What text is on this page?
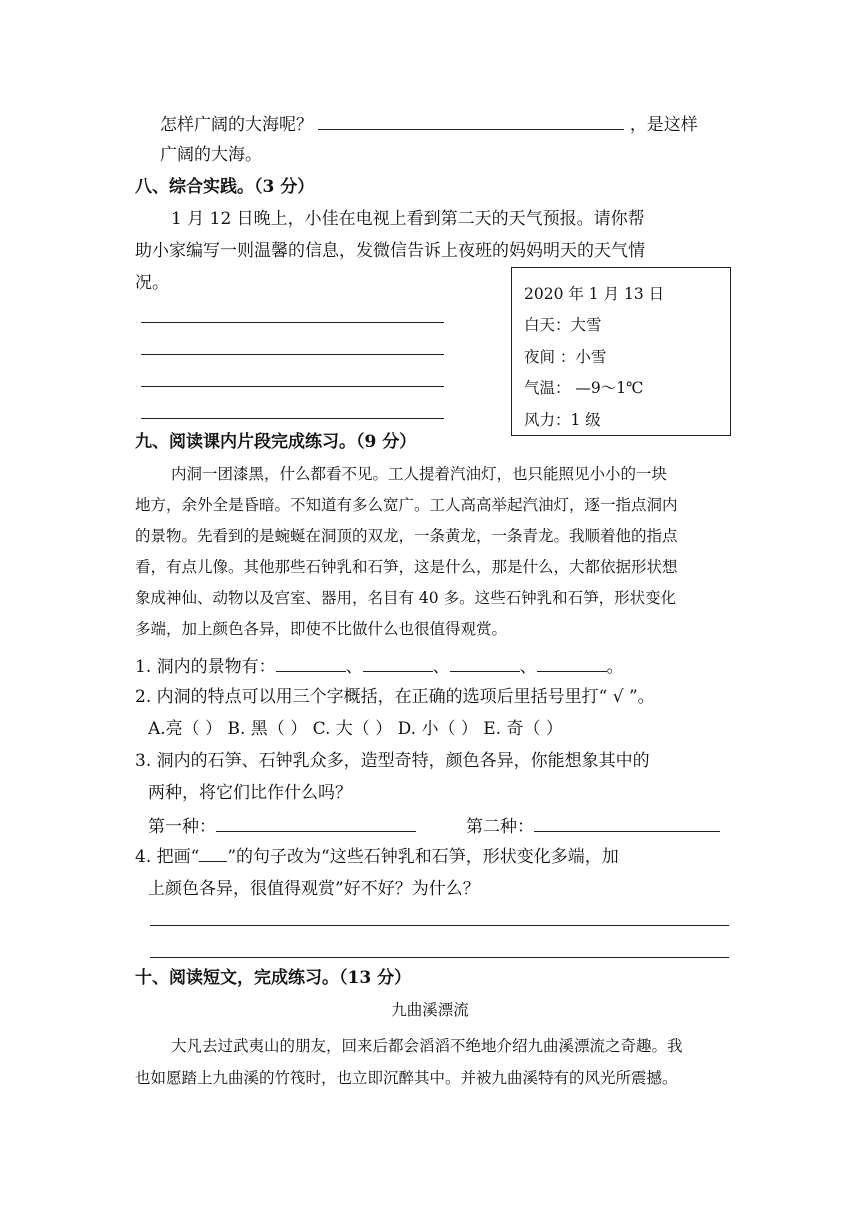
怎样广阔的大海呢？	，是这样
广阔的大海。
八、综合实践。（3 分）
1 月 12 日晚上，小佳在电视上看到第二天的天气预报。请你帮
助小家编写一则温馨的信息，发微信告诉上夜班的妈妈明天的天气情
况。
2020 年 1 月 13 日
白天：大雪
夜间 ：小雪
气温： —9～1℃
风力：1 级
九、阅读课内片段完成练习。（9 分）
内洞一团漆黑，什么都看不见。工人提着汽油灯，也只能照见小小的一块
地方，余外全是昏暗。不知道有多么宽广。工人高高举起汽油灯，逐一指点洞内
的景物。先看到的是蜿蜒在洞顶的双龙，一条黄龙，一条青龙。我顺着他的指点
看，有点儿像。其他那些石钟乳和石笋，这是什么，那是什么，大都依据形状想
象成神仙、动物以及宫室、器用，名目有 40 多。这些石钟乳和石笋，形状变化
多端，加上颜色各异，即使不比做什么也很值得观赏。
1. 洞内的景物有：	、	、	、	。
2. 内洞的特点可以用三个字概括，在正确的选项后里括号里打“ √ ”。
A.亮（ ） B. 黑（ ） C. 大（ ） D. 小（ ） E. 奇（ ）
3. 洞内的石笋、石钟乳众多，造型奇特，颜色各异，你能想象其中的
两种，将它们比作什么吗？
第一种：	第二种：
4. 把画“ ”的句子改为“这些石钟乳和石笋，形状变化多端，加
上颜色各异，很值得观赏”好不好？为什么？
十、阅读短文，完成练习。（13 分）
九曲溪漂流
大凡去过武夷山的朋友，回来后都会滔滔不绝地介绍九曲溪漂流之奇趣。我
也如愿踏上九曲溪的竹筏时，也立即沉醉其中。并被九曲溪特有的风光所震撼。
